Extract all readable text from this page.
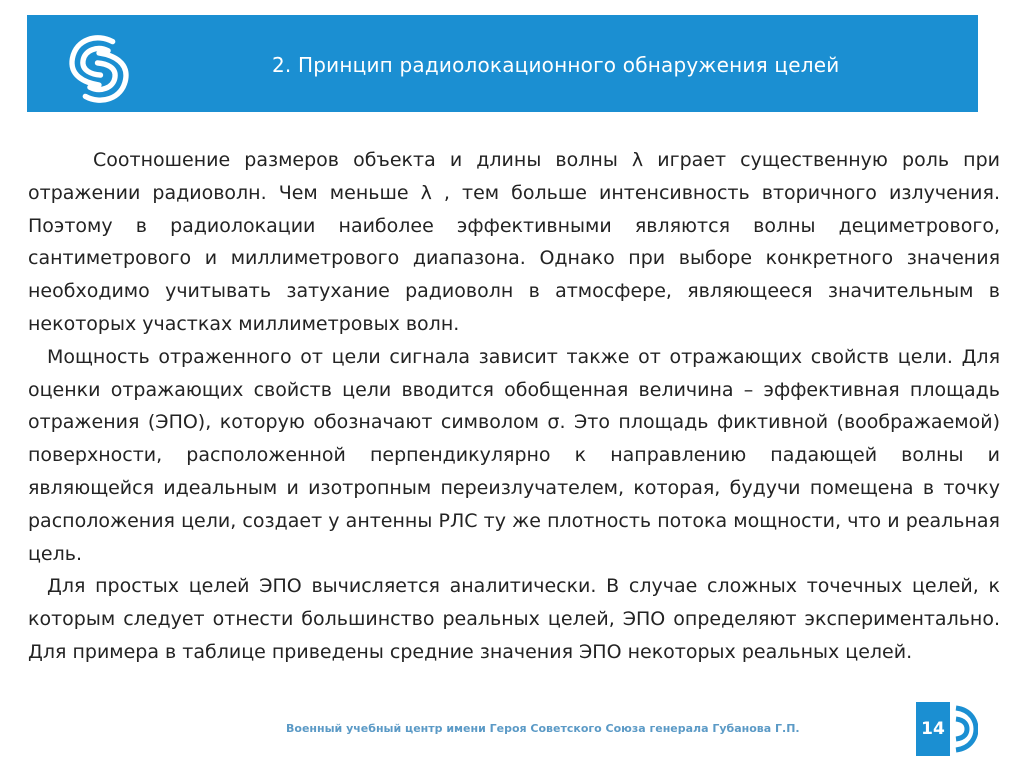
2. Принцип радиолокационного обнаружения целей

Соотношение размеров объекта и длины волны λ играет существенную роль при отражении радиоволн. Чем меньше λ , тем больше интенсивность вторичного излучения. Поэтому в радиолокации наиболее эффективными являются волны дециметрового, сантиметрового и миллиметрового диапазона. Однако при выборе конкретного значения необходимо учитывать затухание радиоволн в атмосфере, являющееся значительным в некоторых участках миллиметровых волн.

Мощность отраженного от цели сигнала зависит также от отражающих свойств цели. Для оценки отражающих свойств цели вводится обобщенная величина – эффективная площадь отражения (ЭПО), которую обозначают символом σ. Это площадь фиктивной (воображаемой) поверхности, расположенной перпендикулярно к направлению падающей волны и являющейся идеальным и изотропным переизлучателем, которая, будучи помещена в точку расположения цели, создает у антенны РЛС ту же плотность потока мощности, что и реальная цель.

Для простых целей ЭПО вычисляется аналитически. В случае сложных точечных целей, к которым следует отнести большинство реальных целей, ЭПО определяют экспериментально. Для примера в таблице приведены средние значения ЭПО некоторых реальных целей.

Военный учебный центр имени Героя Советского Союза генерала Губанова Г.П.	14
